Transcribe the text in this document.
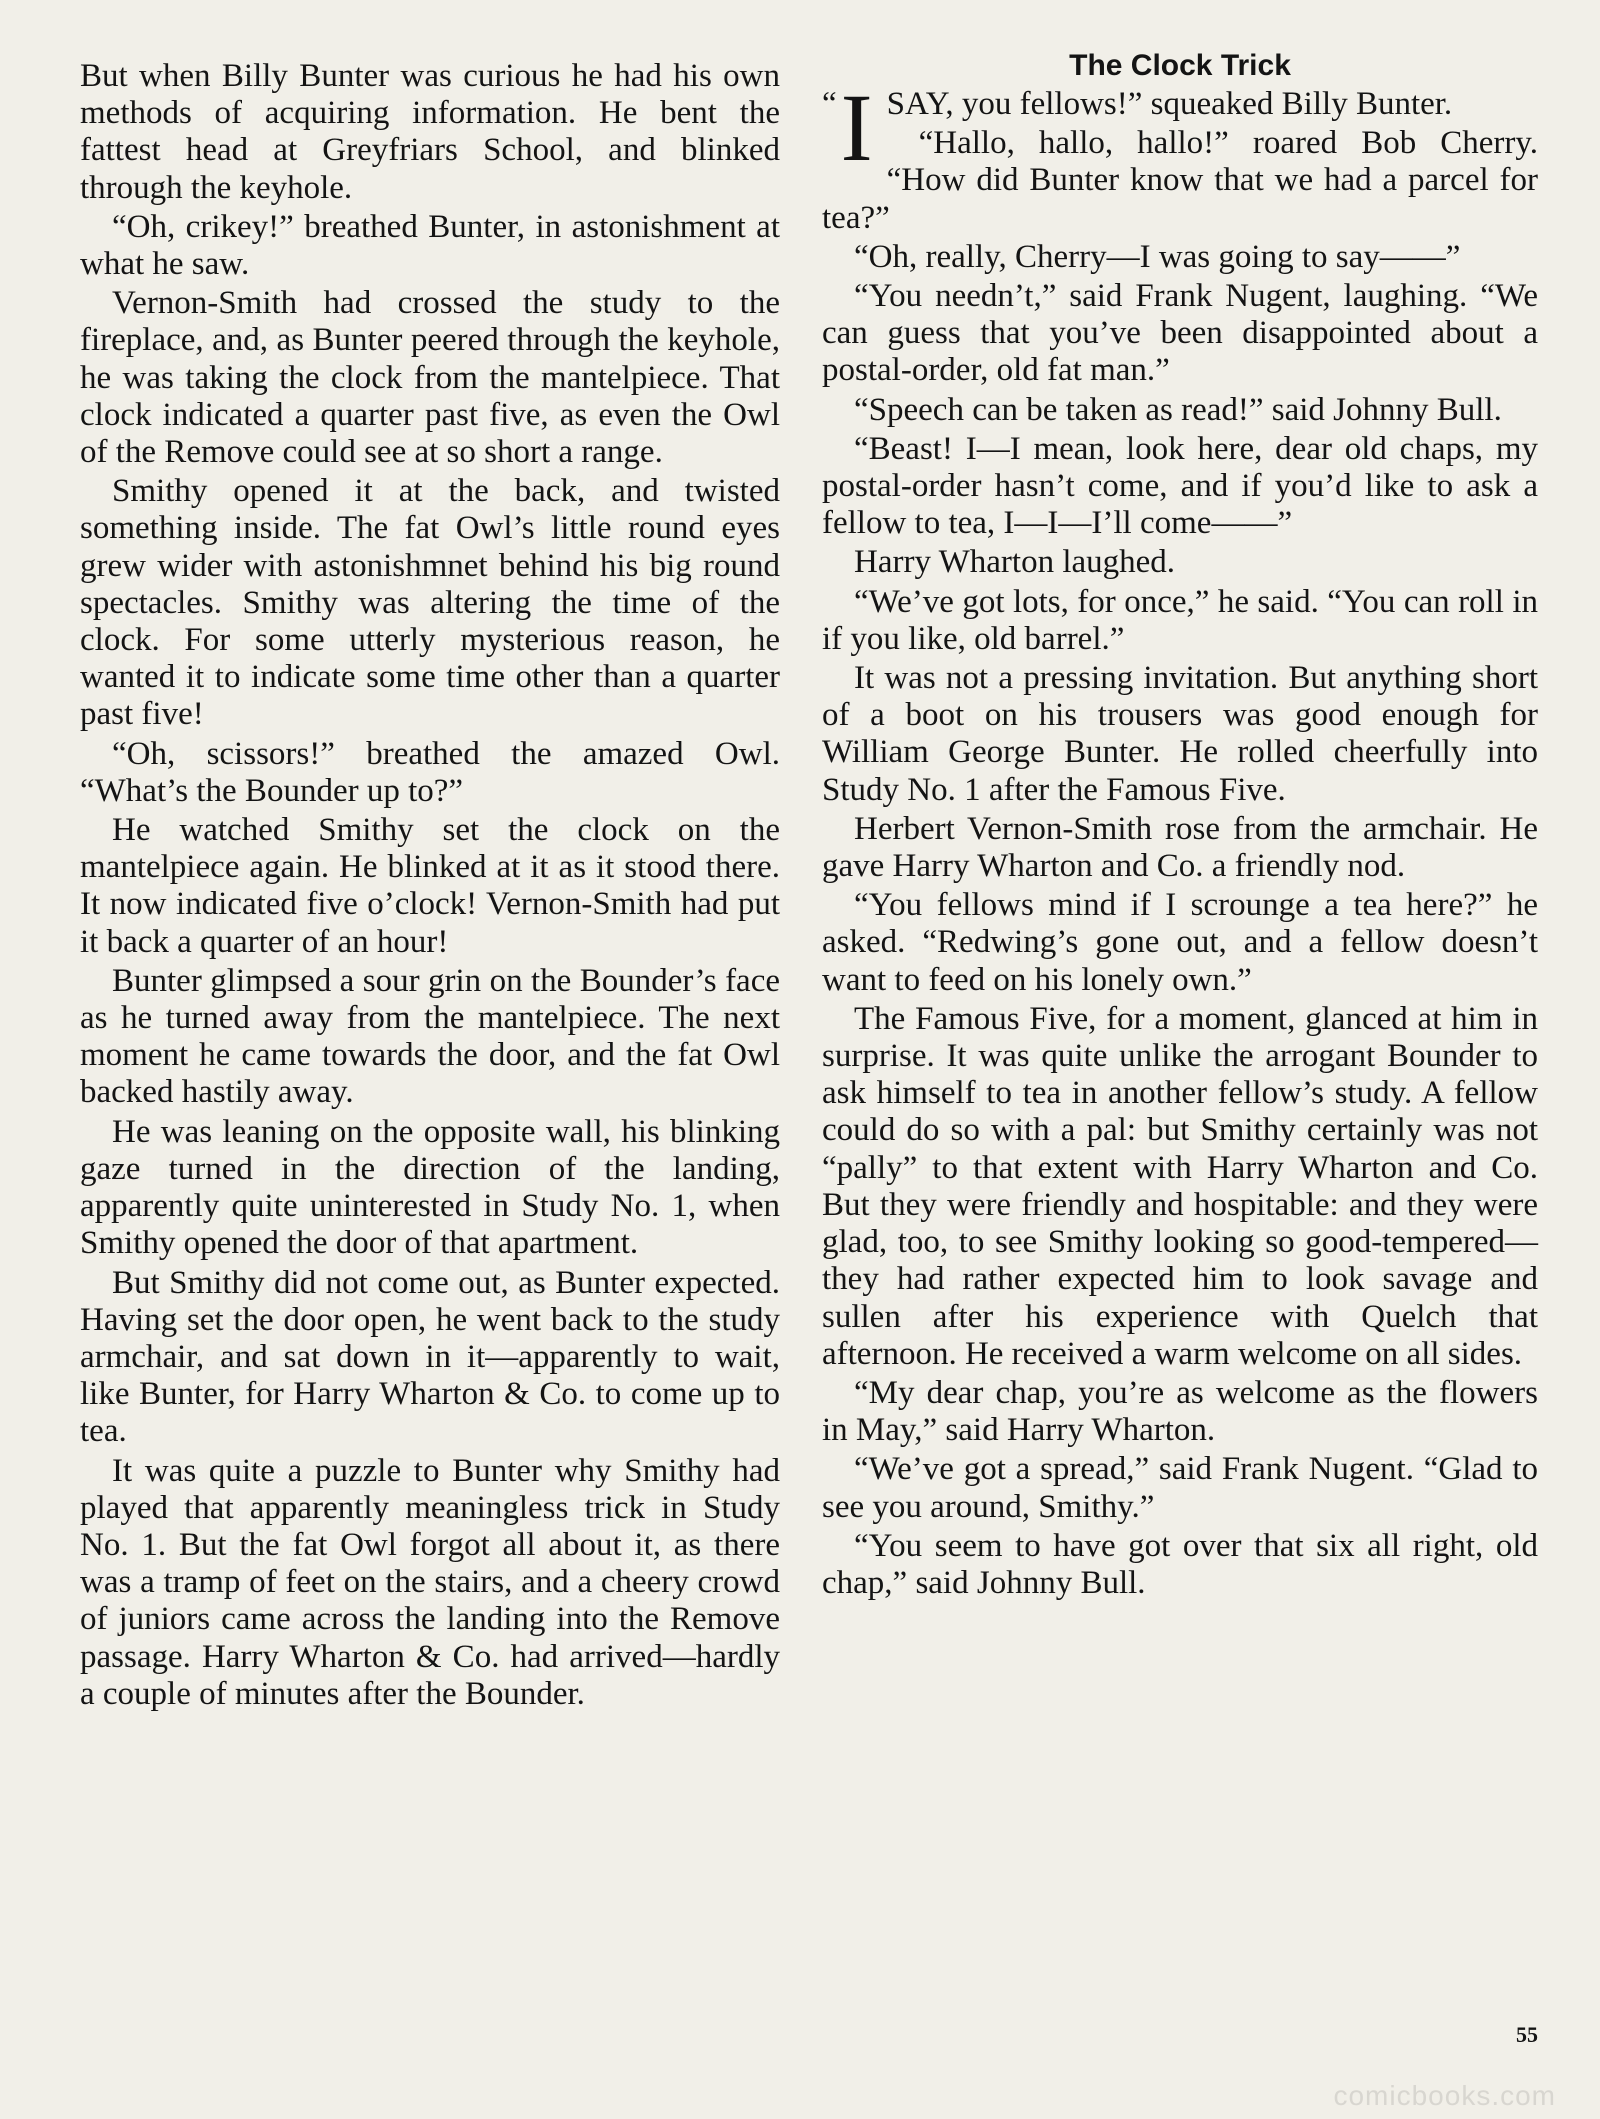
But when Billy Bunter was curious he had his own methods of acquiring information. He bent the fattest head at Greyfriars School, and blinked through the keyhole.

“Oh, crikey!” breathed Bunter, in astonishment at what he saw.

Vernon-Smith had crossed the study to the fireplace, and, as Bunter peered through the keyhole, he was taking the clock from the mantelpiece. That clock indicated a quarter past five, as even the Owl of the Remove could see at so short a range.

Smithy opened it at the back, and twisted something inside. The fat Owl’s little round eyes grew wider with astonishmnet behind his big round spectacles. Smithy was altering the time of the clock. For some utterly mysterious reason, he wanted it to indicate some time other than a quarter past five!

“Oh, scissors!” breathed the amazed Owl. “What’s the Bounder up to?”

He watched Smithy set the clock on the mantelpiece again. He blinked at it as it stood there. It now indicated five o’clock! Vernon-Smith had put it back a quarter of an hour!

Bunter glimpsed a sour grin on the Bounder’s face as he turned away from the mantelpiece. The next moment he came towards the door, and the fat Owl backed hastily away.

He was leaning on the opposite wall, his blinking gaze turned in the direction of the landing, apparently quite uninterested in Study No. 1, when Smithy opened the door of that apartment.

But Smithy did not come out, as Bunter expected. Having set the door open, he went back to the study armchair, and sat down in it—apparently to wait, like Bunter, for Harry Wharton & Co. to come up to tea.

It was quite a puzzle to Bunter why Smithy had played that apparently meaningless trick in Study No. 1. But the fat Owl forgot all about it, as there was a tramp of feet on the stairs, and a cheery crowd of juniors came across the landing into the Remove passage. Harry Wharton & Co. had arrived—hardly a couple of minutes after the Bounder.

The Clock Trick

“ I SAY, you fellows!” squeaked Billy Bunter.

“Hallo, hallo, hallo!” roared Bob Cherry. “How did Bunter know that we had a parcel for tea?”

“Oh, really, Cherry—I was going to say——”

“You needn’t,” said Frank Nugent, laughing. “We can guess that you’ve been disappointed about a postal-order, old fat man.”

“Speech can be taken as read!” said Johnny Bull.

“Beast! I—I mean, look here, dear old chaps, my postal-order hasn’t come, and if you’d like to ask a fellow to tea, I—I—I’ll come——”

Harry Wharton laughed.

“We’ve got lots, for once,” he said. “You can roll in if you like, old barrel.”

It was not a pressing invitation. But anything short of a boot on his trousers was good enough for William George Bunter. He rolled cheerfully into Study No. 1 after the Famous Five.

Herbert Vernon-Smith rose from the armchair. He gave Harry Wharton and Co. a friendly nod.

“You fellows mind if I scrounge a tea here?” he asked. “Redwing’s gone out, and a fellow doesn’t want to feed on his lonely own.”

The Famous Five, for a moment, glanced at him in surprise. It was quite unlike the arrogant Bounder to ask himself to tea in another fellow’s study. A fellow could do so with a pal: but Smithy certainly was not “pally” to that extent with Harry Wharton and Co. But they were friendly and hospitable: and they were glad, too, to see Smithy looking so good-tempered—they had rather expected him to look savage and sullen after his experience with Quelch that afternoon. He received a warm welcome on all sides.

“My dear chap, you’re as welcome as the flowers in May,” said Harry Wharton.

“We’ve got a spread,” said Frank Nugent. “Glad to see you around, Smithy.”

“You seem to have got over that six all right, old chap,” said Johnny Bull.

55
comicbooks.com
